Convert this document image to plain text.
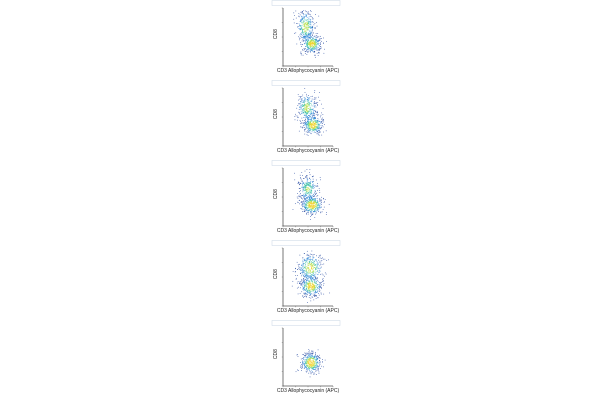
CD3 Allophycocyanin (APC)
CD8
CD3 Allophycocyanin (APC)
CD8
CD3 Allophycocyanin (APC)
CD8
CD3 Allophycocyanin (APC)
CD8
CD3 Allophycocyanin (APC)
CD8
